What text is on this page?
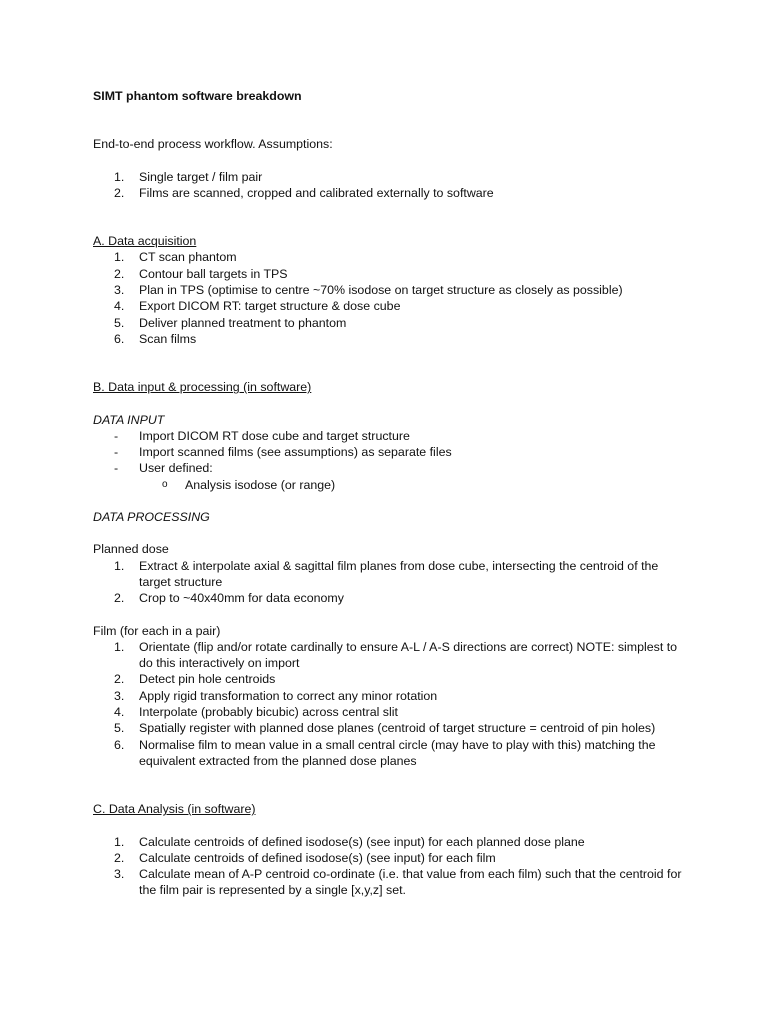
SIMT phantom software breakdown

End-to-end process workflow. Assumptions:

1.	Single target / film pair
2.	Films are scanned, cropped and calibrated externally to software

A. Data acquisition

1.	CT scan phantom
2.	Contour ball targets in TPS
3.	Plan in TPS (optimise to centre ~70% isodose on target structure as closely as possible)
4.	Export DICOM RT: target structure & dose cube
5.	Deliver planned treatment to phantom
6.	Scan films

B. Data input & processing (in software)

DATA INPUT

-	Import DICOM RT dose cube and target structure
-	Import scanned films (see assumptions) as separate files
-	User defined:
o Analysis isodose (or range)

DATA PROCESSING

Planned dose

1.	Extract & interpolate axial & sagittal film planes from dose cube, intersecting the centroid of the target structure
2.	Crop to ~40x40mm for data economy

Film (for each in a pair)

1.	Orientate (flip and/or rotate cardinally to ensure A-L / A-S directions are correct) NOTE: simplest to do this interactively on import
2.	Detect pin hole centroids
3.	Apply rigid transformation to correct any minor rotation
4.	Interpolate (probably bicubic) across central slit
5.	Spatially register with planned dose planes (centroid of target structure = centroid of pin holes)
6.	Normalise film to mean value in a small central circle (may have to play with this) matching the equivalent extracted from the planned dose planes

C. Data Analysis (in software)

1.	Calculate centroids of defined isodose(s) (see input) for each planned dose plane
2.	Calculate centroids of defined isodose(s) (see input) for each film
3.	Calculate mean of A-P centroid co-ordinate (i.e. that value from each film) such that the centroid for the film pair is represented by a single [x,y,z] set.
